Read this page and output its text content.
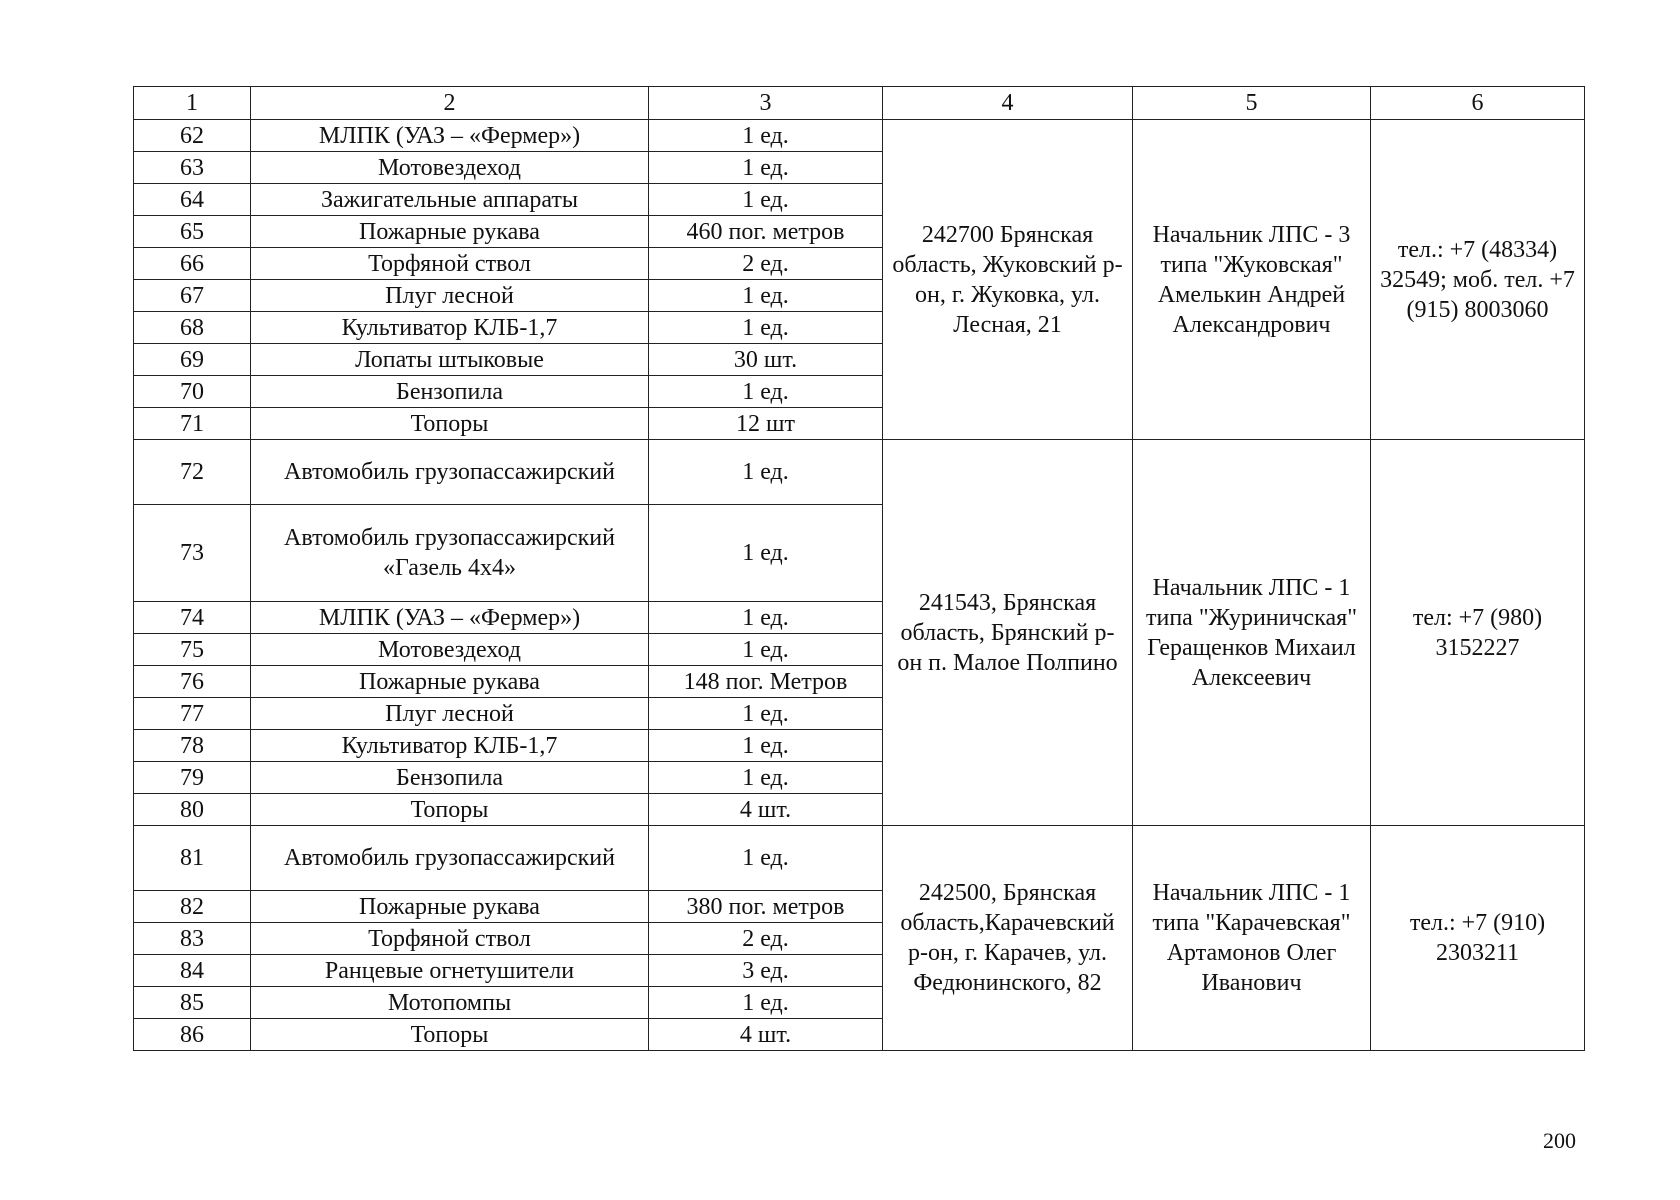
1	2	3	4	5	6
62	МЛПК (УАЗ – «Фермер»)	1 ед.	242700 Брянская область, Жуковский р-он, г. Жуковка, ул. Лесная, 21	Начальник ЛПС - 3 типа "Жуковская" Амелькин Андрей Александрович	тел.: +7 (48334) 32549; моб. тел. +7 (915) 8003060
63	Мотовездеход	1 ед.			
64	Зажигательные аппараты	1 ед.			
65	Пожарные рукава	460 пог. метров			
66	Торфяной ствол	2 ед.			
67	Плуг лесной	1 ед.			
68	Культиватор КЛБ-1,7	1 ед.			
69	Лопаты штыковые	30 шт.			
70	Бензопила	1 ед.			
71	Топоры	12 шт			
72	Автомобиль грузопассажирский	1 ед.	241543, Брянская область, Брянский р-он п. Малое Полпино	Начальник ЛПС - 1 типа "Журиничская" Геращенков Михаил Алексеевич	тел: +7 (980) 3152227
73	Автомобиль грузопассажирский «Газель 4х4»	1 ед.			
74	МЛПК (УАЗ – «Фермер»)	1 ед.			
75	Мотовездеход	1 ед.			
76	Пожарные рукава	148 пог. Метров			
77	Плуг лесной	1 ед.			
78	Культиватор КЛБ-1,7	1 ед.			
79	Бензопила	1 ед.			
80	Топоры	4 шт.			
81	Автомобиль грузопассажирский	1 ед.	242500, Брянская область,Карачевский р-он, г. Карачев, ул. Федюнинского, 82	Начальник ЛПС - 1 типа "Карачевская" Артамонов Олег Иванович	тел.: +7 (910) 2303211
82	Пожарные рукава	380 пог. метров			
83	Торфяной ствол	2 ед.			
84	Ранцевые огнетушители	3 ед.			
85	Мотопомпы	1 ед.			
86	Топоры	4 шт.			
200
